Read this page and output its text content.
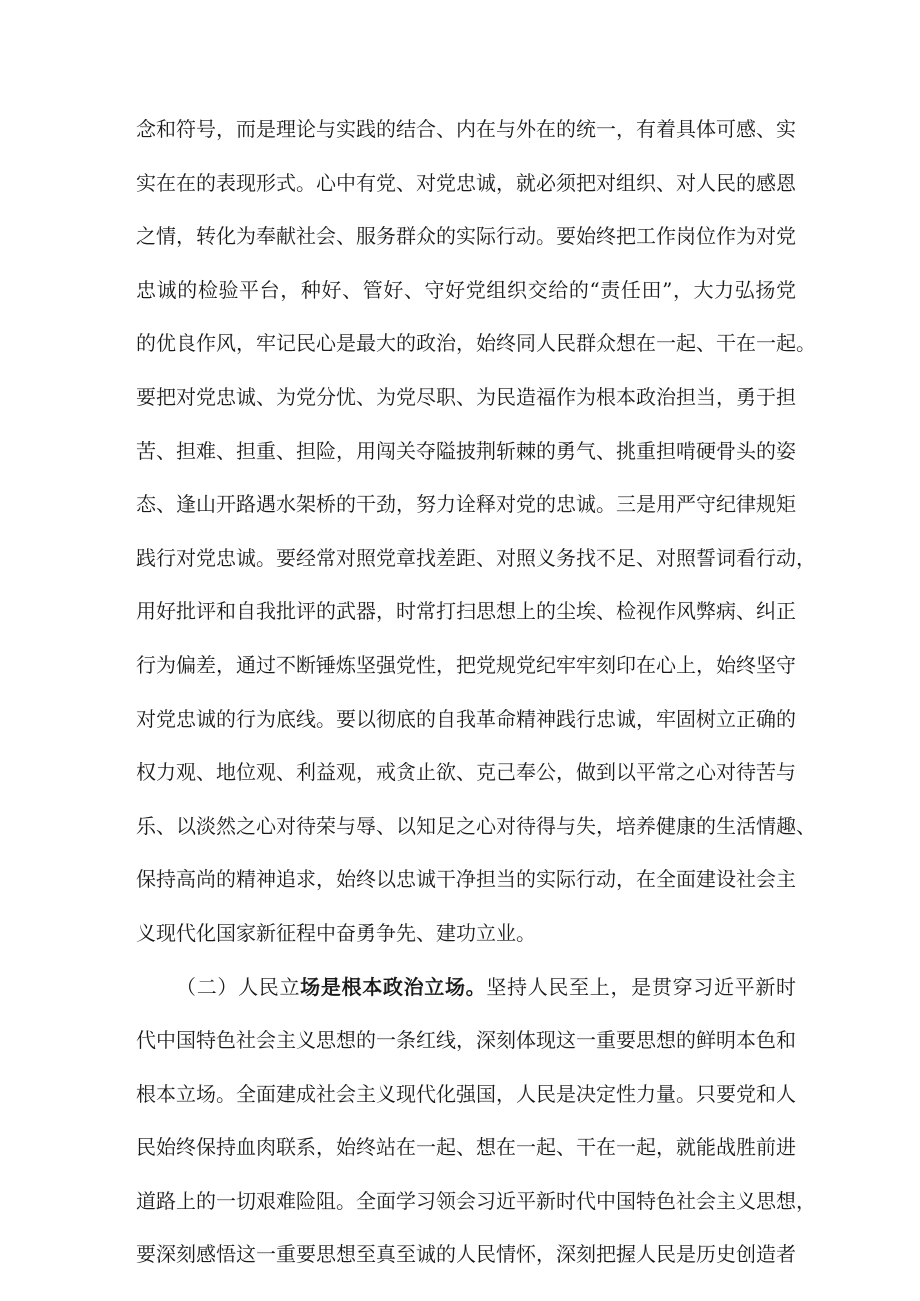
念和符号，而是理论与实践的结合、内在与外在的统一，有着具体可感、实
实在在的表现形式。心中有党、对党忠诚，就必须把对组织、对人民的感恩
之情，转化为奉献社会、服务群众的实际行动。要始终把工作岗位作为对党
忠诚的检验平台，种好、管好、守好党组织交给的“责任田”，大力弘扬党
的优良作风，牢记民心是最大的政治，始终同人民群众想在一起、干在一起。
要把对党忠诚、为党分忧、为党尽职、为民造福作为根本政治担当，勇于担
苦、担难、担重、担险，用闯关夺隘披荆斩棘的勇气、挑重担啃硬骨头的姿
态、逢山开路遇水架桥的干劲，努力诠释对党的忠诚。三是用严守纪律规矩
践行对党忠诚。要经常对照党章找差距、对照义务找不足、对照誓词看行动，
用好批评和自我批评的武器，时常打扫思想上的尘埃、检视作风弊病、纠正
行为偏差，通过不断锤炼坚强党性，把党规党纪牢牢刻印在心上，始终坚守
对党忠诚的行为底线。要以彻底的自我革命精神践行忠诚，牢固树立正确的
权力观、地位观、利益观，戒贪止欲、克己奉公，做到以平常之心对待苦与
乐、以淡然之心对待荣与辱、以知足之心对待得与失，培养健康的生活情趣、
保持高尚的精神追求，始终以忠诚干净担当的实际行动，在全面建设社会主
义现代化国家新征程中奋勇争先、建功立业。
（二）人民立场是根本政治立场。坚持人民至上，是贯穿习近平新时
代中国特色社会主义思想的一条红线，深刻体现这一重要思想的鲜明本色和
根本立场。全面建成社会主义现代化强国，人民是决定性力量。只要党和人
民始终保持血肉联系，始终站在一起、想在一起、干在一起，就能战胜前进
道路上的一切艰难险阻。全面学习领会习近平新时代中国特色社会主义思想，
要深刻感悟这一重要思想至真至诚的人民情怀，深刻把握人民是历史创造者
